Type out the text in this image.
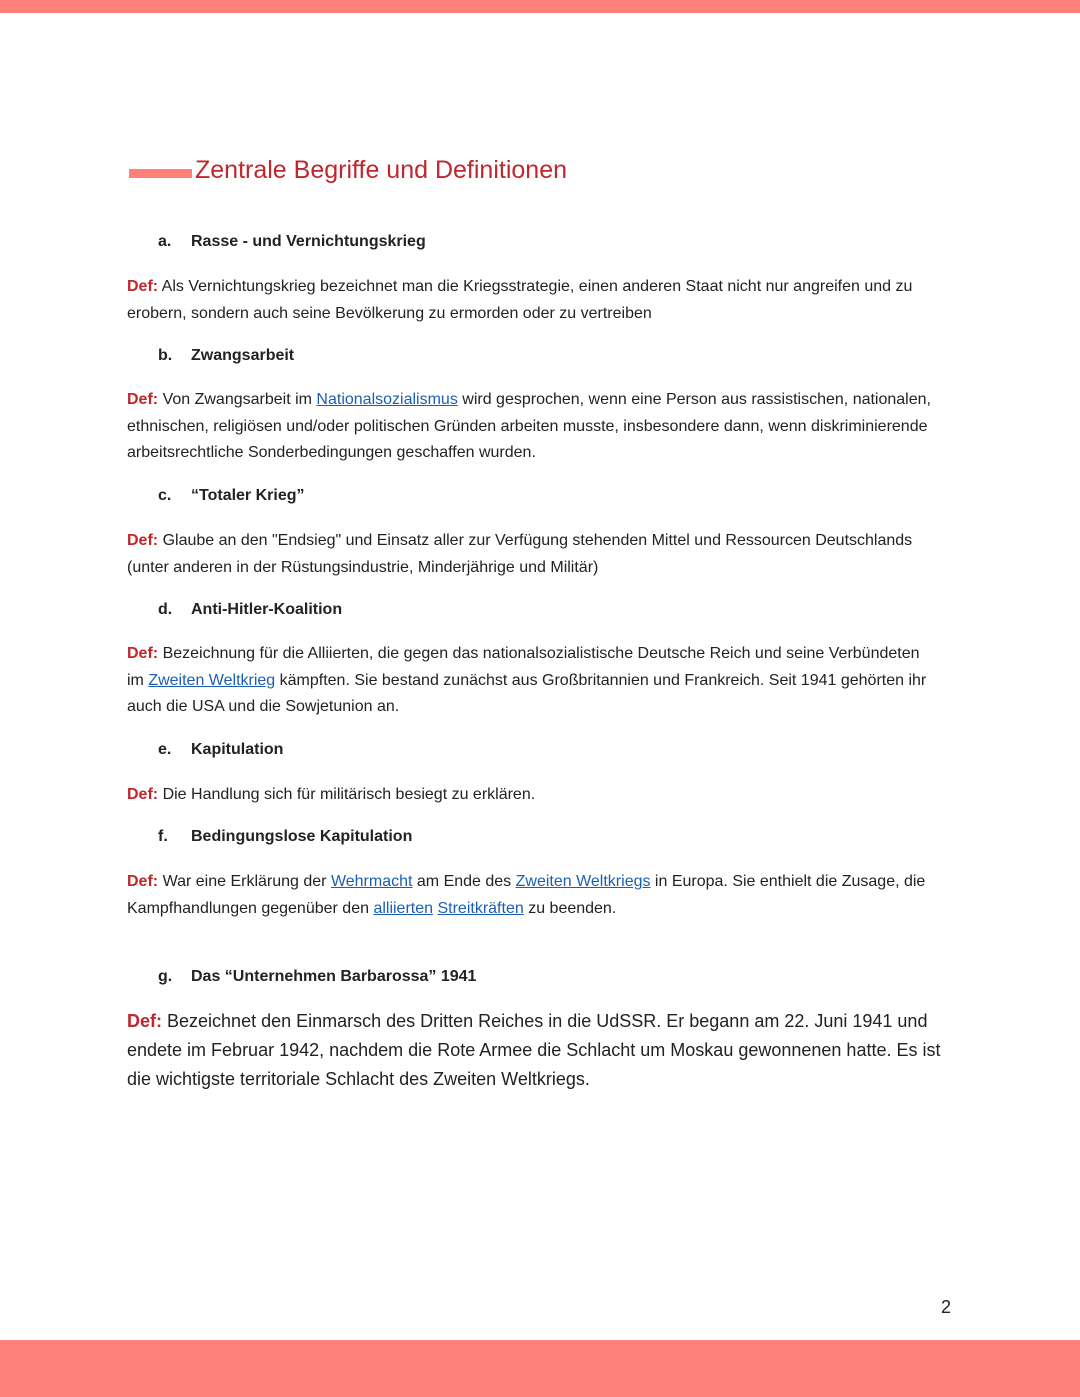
Zentrale Begriffe und Definitionen
a. Rasse - und Vernichtungskrieg
Def: Als Vernichtungskrieg bezeichnet man die Kriegsstrategie, einen anderen Staat nicht nur angreifen und zu erobern, sondern auch seine Bevölkerung zu ermorden oder zu vertreiben
b. Zwangsarbeit
Def: Von Zwangsarbeit im Nationalsozialismus wird gesprochen, wenn eine Person aus rassistischen, nationalen, ethnischen, religiösen und/oder politischen Gründen arbeiten musste, insbesondere dann, wenn diskriminierende arbeitsrechtliche Sonderbedingungen geschaffen wurden.
c. “Totaler Krieg”
Def: Glaube an den "Endsieg" und Einsatz aller zur Verfügung stehenden Mittel und Ressourcen Deutschlands (unter anderen in der Rüstungsindustrie, Minderjährige und Militär)
d. Anti-Hitler-Koalition
Def: Bezeichnung für die Alliierten, die gegen das nationalsozialistische Deutsche Reich und seine Verbündeten im Zweiten Weltkrieg kämpften. Sie bestand zunächst aus Großbritannien und Frankreich. Seit 1941 gehörten ihr auch die USA und die Sowjetunion an.
e. Kapitulation
Def: Die Handlung sich für militärisch besiegt zu erklären.
f. Bedingungslose Kapitulation
Def: War eine Erklärung der Wehrmacht am Ende des Zweiten Weltkriegs in Europa. Sie enthielt die Zusage, die Kampfhandlungen gegenüber den alliierten Streitkräften zu beenden.
g. Das “Unternehmen Barbarossa” 1941
Def: Bezeichnet den Einmarsch des Dritten Reiches in die UdSSR. Er begann am 22. Juni 1941 und endete im Februar 1942, nachdem die Rote Armee die Schlacht um Moskau gewonnenen hatte. Es ist die wichtigste territoriale Schlacht des Zweiten Weltkriegs.
2
